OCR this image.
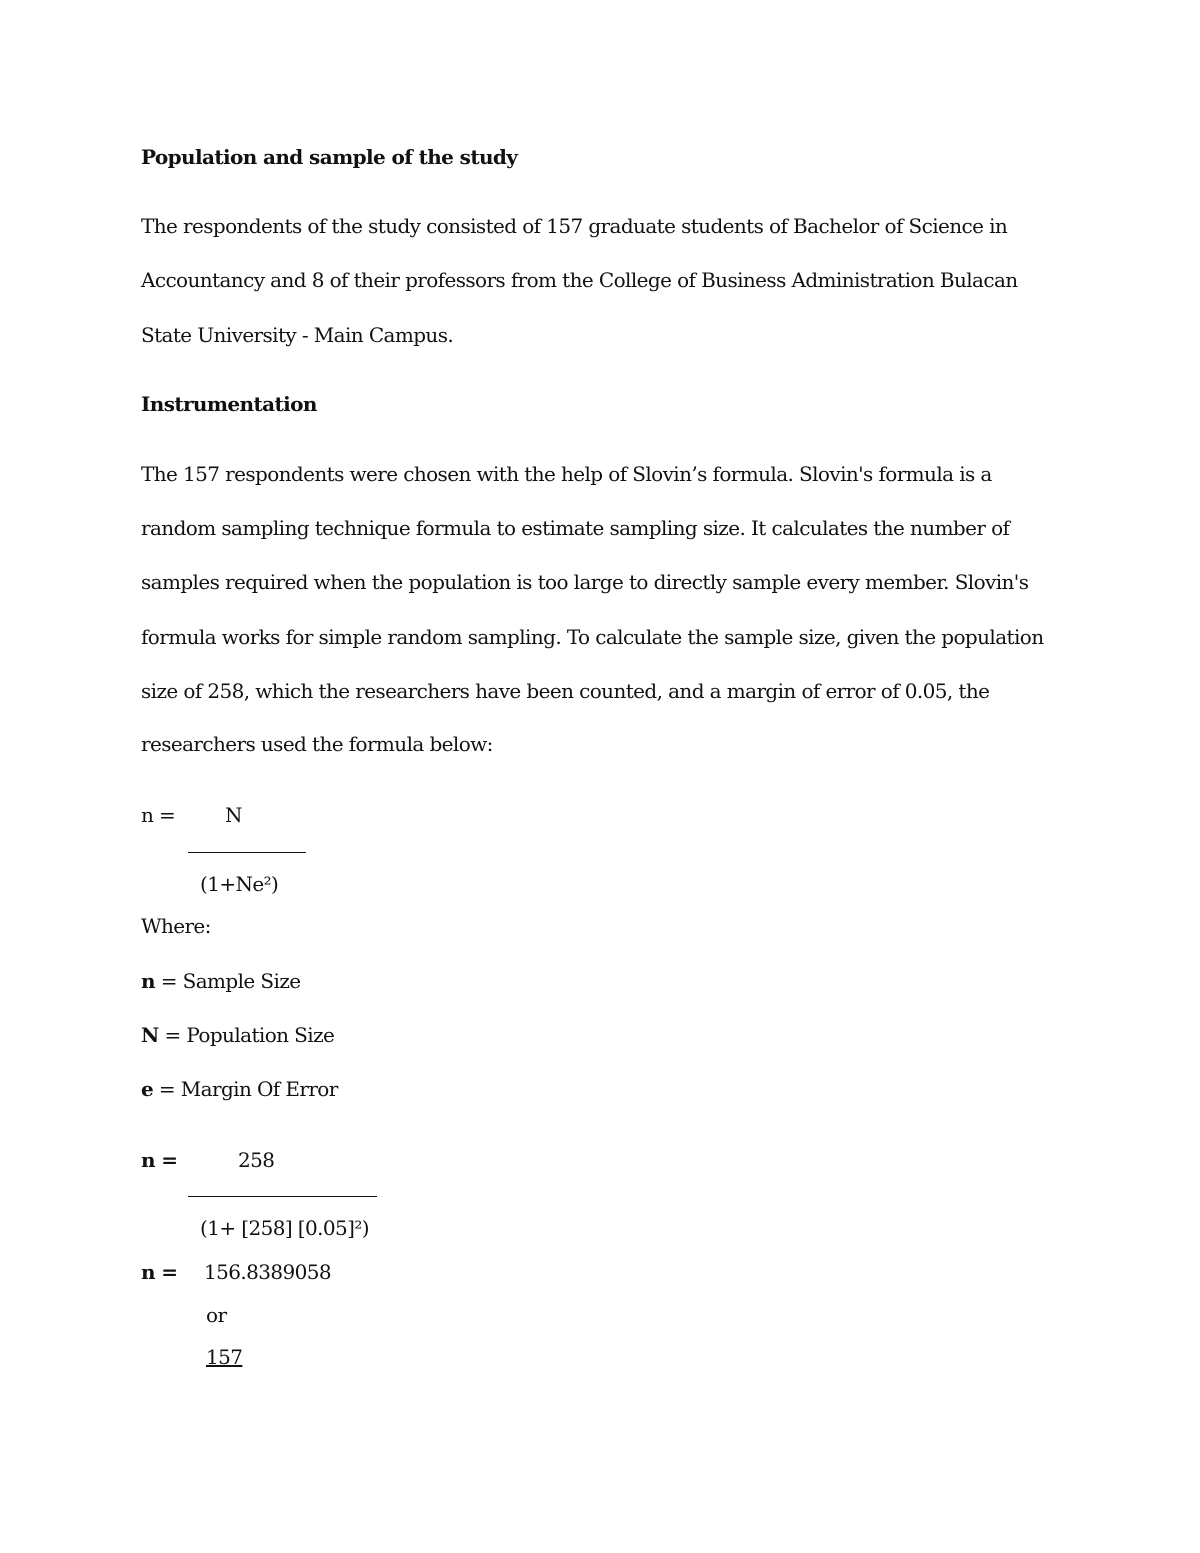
Population and sample of the study
The respondents of the study consisted of 157 graduate students of Bachelor of Science in
Accountancy and 8 of their professors from the College of Business Administration Bulacan
State University - Main Campus.
Instrumentation
The 157 respondents were chosen with the help of Slovin’s formula. Slovin's formula is a
random sampling technique formula to estimate sampling size. It calculates the number of
samples required when the population is too large to directly sample every member. Slovin's
formula works for simple random sampling. To calculate the sample size, given the population
size of 258, which the researchers have been counted, and a margin of error of 0.05, the
researchers used the formula below:
n = N
(1+Ne²)
Where:
n = Sample Size
N = Population Size
e = Margin Of Error
n =	258
(1+ [258] [0.05]²)
n = 156.8389058
or
157
